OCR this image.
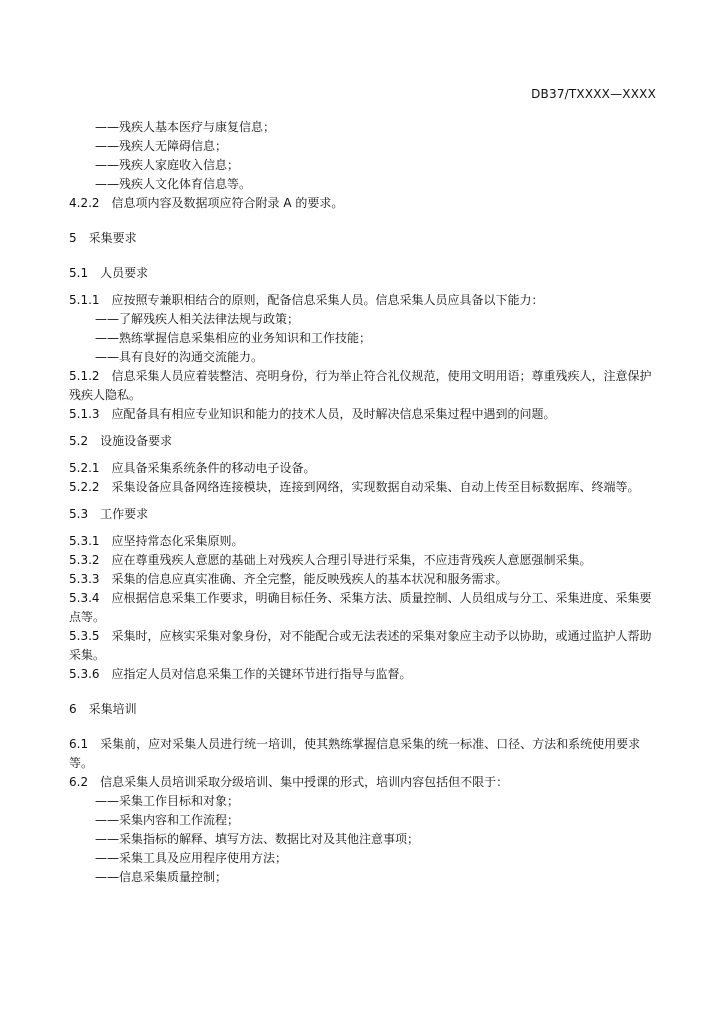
DB37/TXXXX—XXXX
——残疾人基本医疗与康复信息；
——残疾人无障碍信息；
——残疾人家庭收入信息；
——残疾人文化体育信息等。
4.2.2 信息项内容及数据项应符合附录 A 的要求。
5 采集要求
5.1 人员要求
5.1.1 应按照专兼职相结合的原则，配备信息采集人员。信息采集人员应具备以下能力：
——了解残疾人相关法律法规与政策；
——熟练掌握信息采集相应的业务知识和工作技能；
——具有良好的沟通交流能力。
5.1.2 信息采集人员应着装整洁、亮明身份，行为举止符合礼仪规范，使用文明用语；尊重残疾人，注意保护残疾人隐私。
5.1.3 应配备具有相应专业知识和能力的技术人员，及时解决信息采集过程中遇到的问题。
5.2 设施设备要求
5.2.1 应具备采集系统条件的移动电子设备。
5.2.2 采集设备应具备网络连接模块，连接到网络，实现数据自动采集、自动上传至目标数据库、终端等。
5.3 工作要求
5.3.1 应坚持常态化采集原则。
5.3.2 应在尊重残疾人意愿的基础上对残疾人合理引导进行采集，不应违背残疾人意愿强制采集。
5.3.3 采集的信息应真实准确、齐全完整，能反映残疾人的基本状况和服务需求。
5.3.4 应根据信息采集工作要求，明确目标任务、采集方法、质量控制、人员组成与分工、采集进度、采集要点等。
5.3.5 采集时，应核实采集对象身份，对不能配合或无法表述的采集对象应主动予以协助，或通过监护人帮助采集。
5.3.6 应指定人员对信息采集工作的关键环节进行指导与监督。
6 采集培训
6.1 采集前，应对采集人员进行统一培训，使其熟练掌握信息采集的统一标准、口径、方法和系统使用要求等。
6.2 信息采集人员培训采取分级培训、集中授课的形式，培训内容包括但不限于：
——采集工作目标和对象；
——采集内容和工作流程；
——采集指标的解释、填写方法、数据比对及其他注意事项；
——采集工具及应用程序使用方法；
——信息采集质量控制；
